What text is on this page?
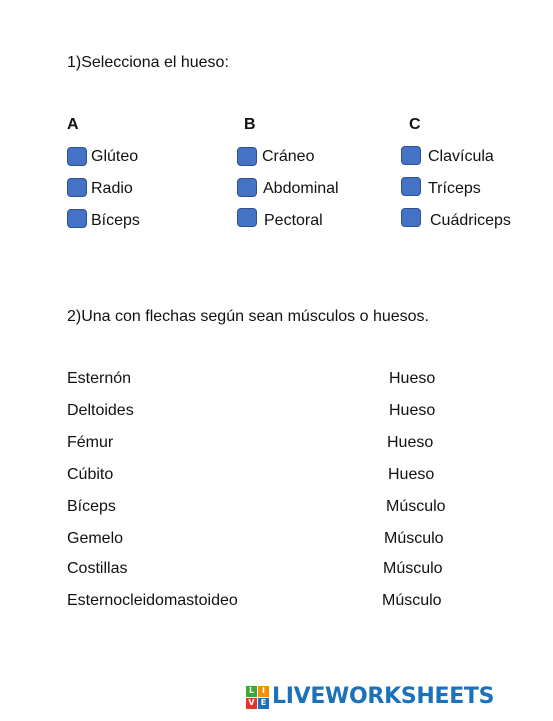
1)Selecciona el hueso:
A	B	C
Glúteo
Radio
Bíceps
Cráneo
Abdominal
Pectoral
Clavícula
Tríceps
Cuádriceps
2)Una con flechas según sean músculos o huesos.
Esternón
Deltoides
Fémur
Cúbito
Bíceps
Gemelo
Costillas
Esternocleidomastoideo
Hueso
Hueso
Hueso
Hueso
Músculo
Músculo
Músculo
Músculo
L I
V E LIVEWORKSHEETS
